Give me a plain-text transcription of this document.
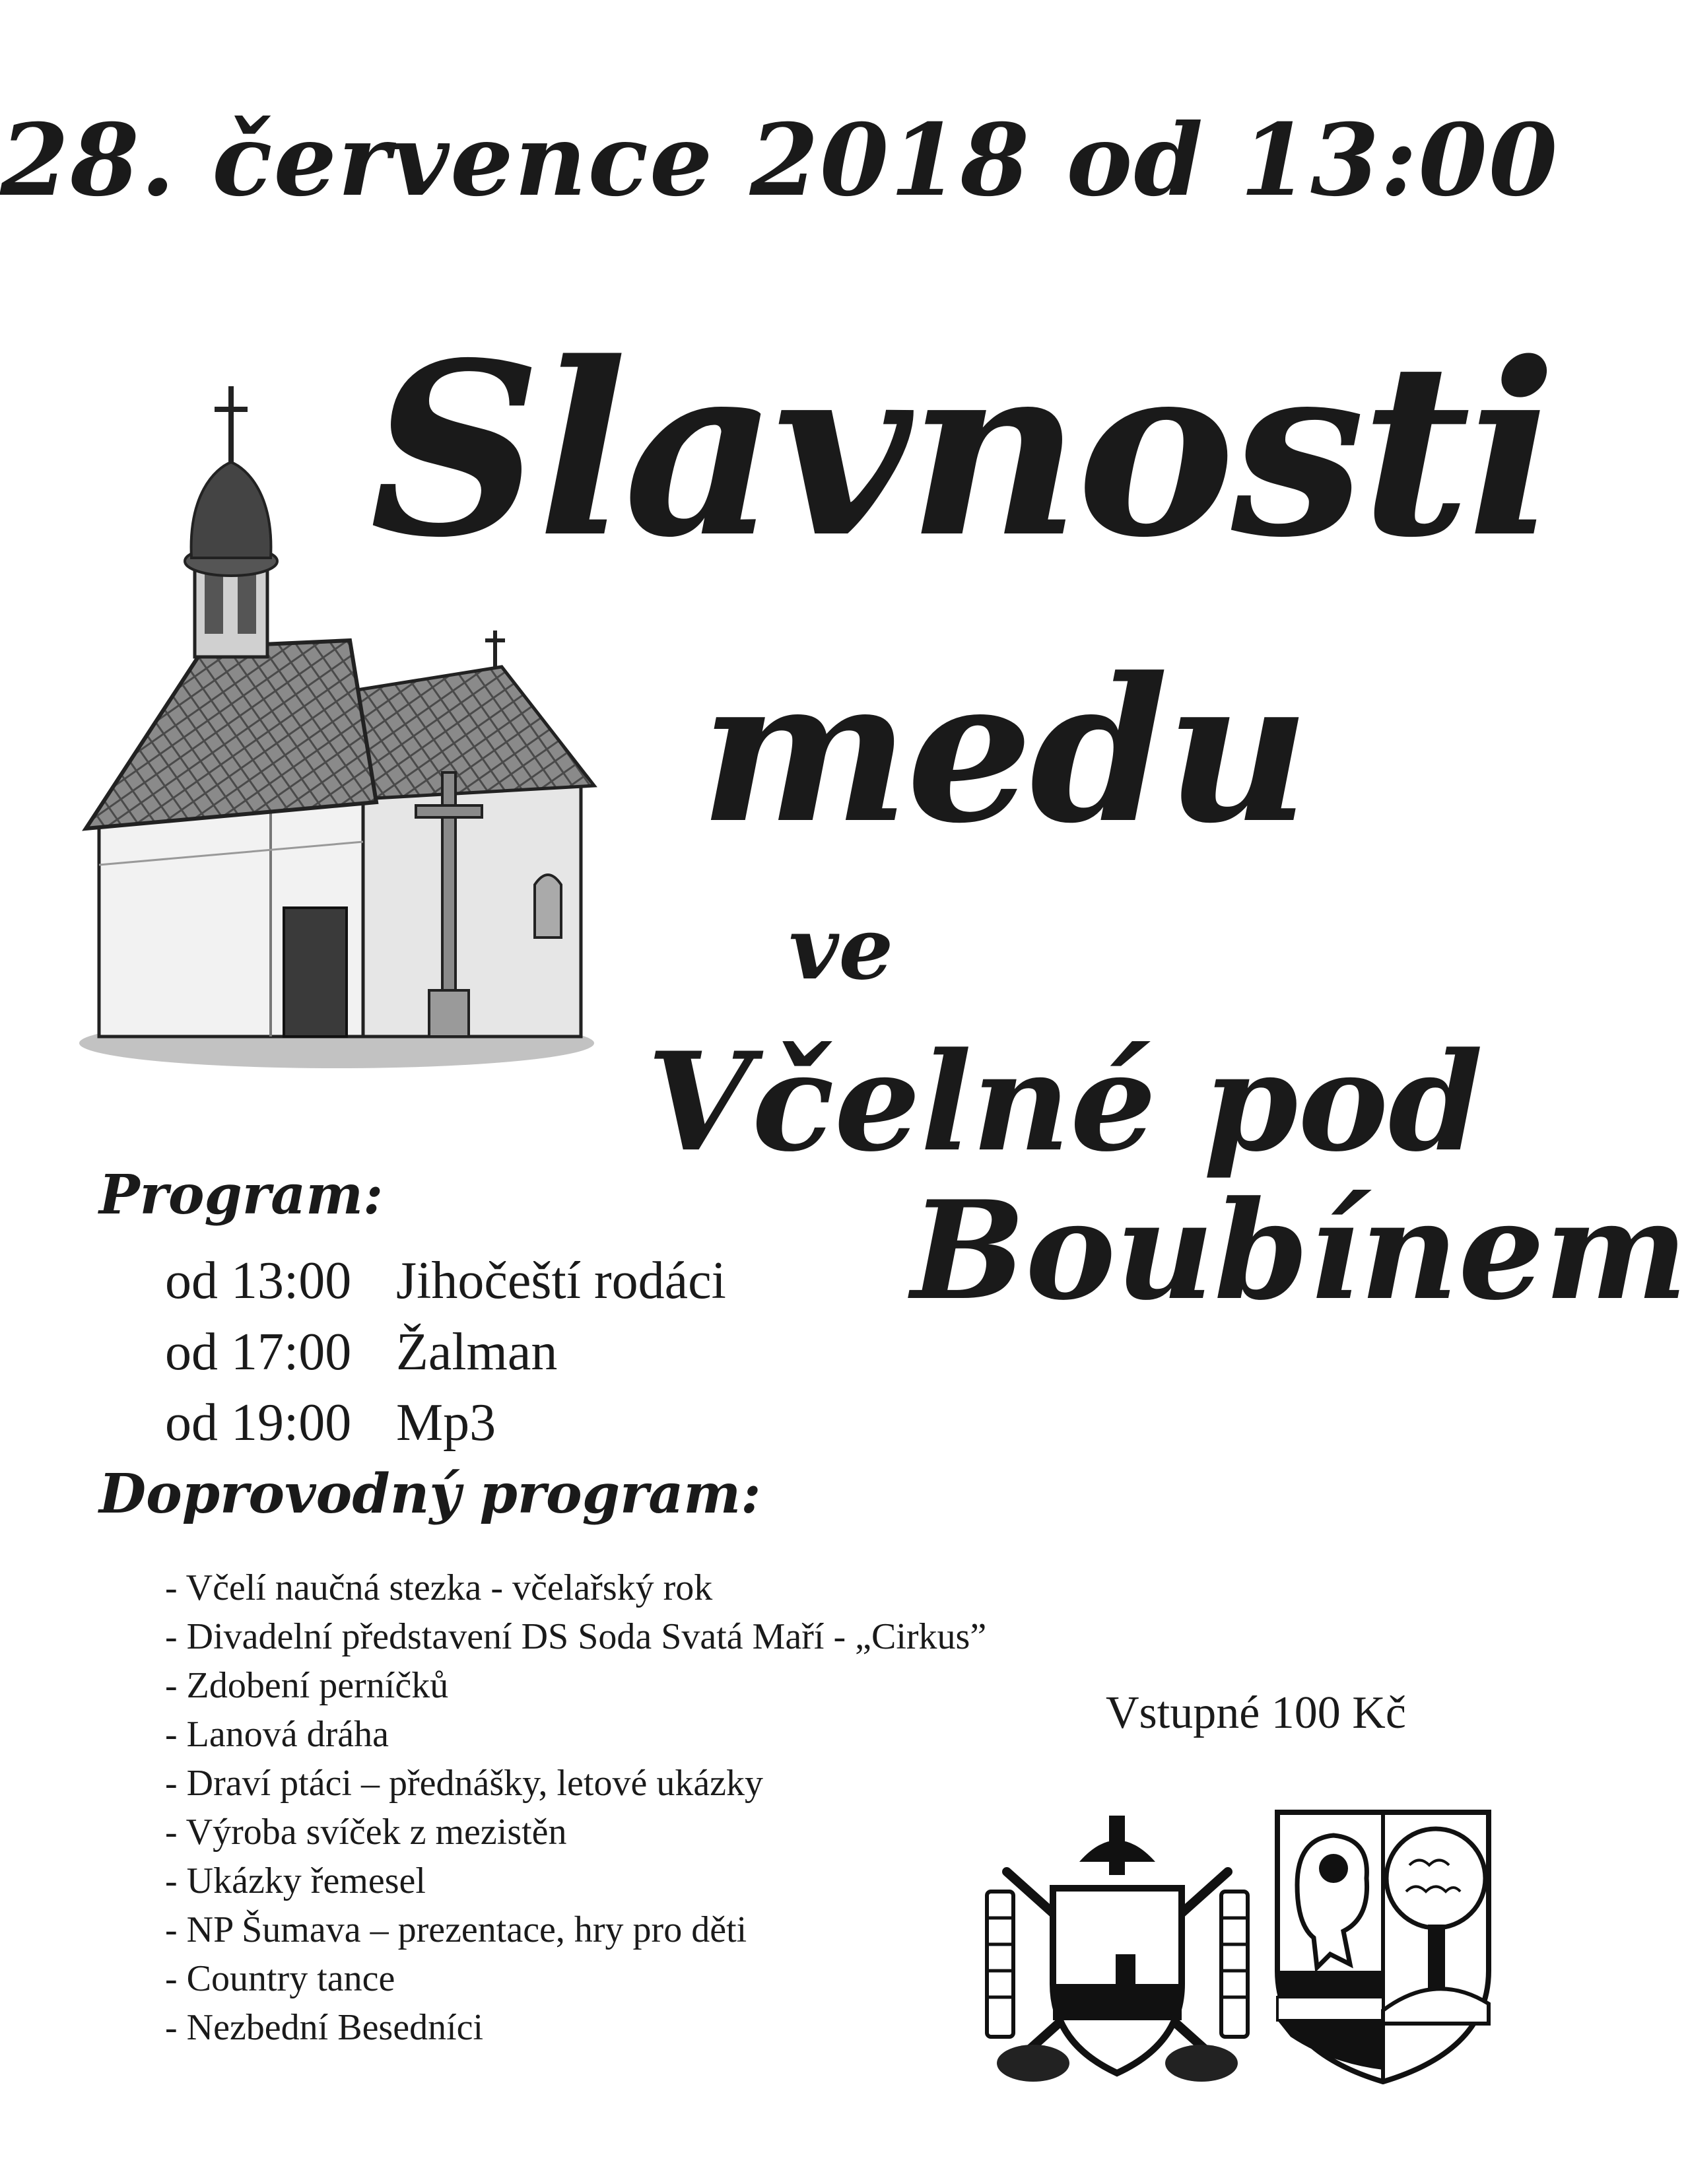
28. července 2018 od 13:00
Slavnosti
medu
ve
Včelné pod
Boubínem
Program:
od 13:00 Jihočeští rodáci
od 17:00 Žalman
od 19:00 Mp3
Doprovodný program:
- Včelí naučná stezka - včelařský rok
- Divadelní představení DS Soda Svatá Maří - „Cirkus”
- Zdobení perníčků
- Lanová dráha
- Draví ptáci – přednášky, letové ukázky
- Výroba svíček z mezistěn
- Ukázky řemesel
- NP Šumava – prezentace, hry pro děti
- Country tance
- Nezbední Besedníci
Vstupné 100 Kč
